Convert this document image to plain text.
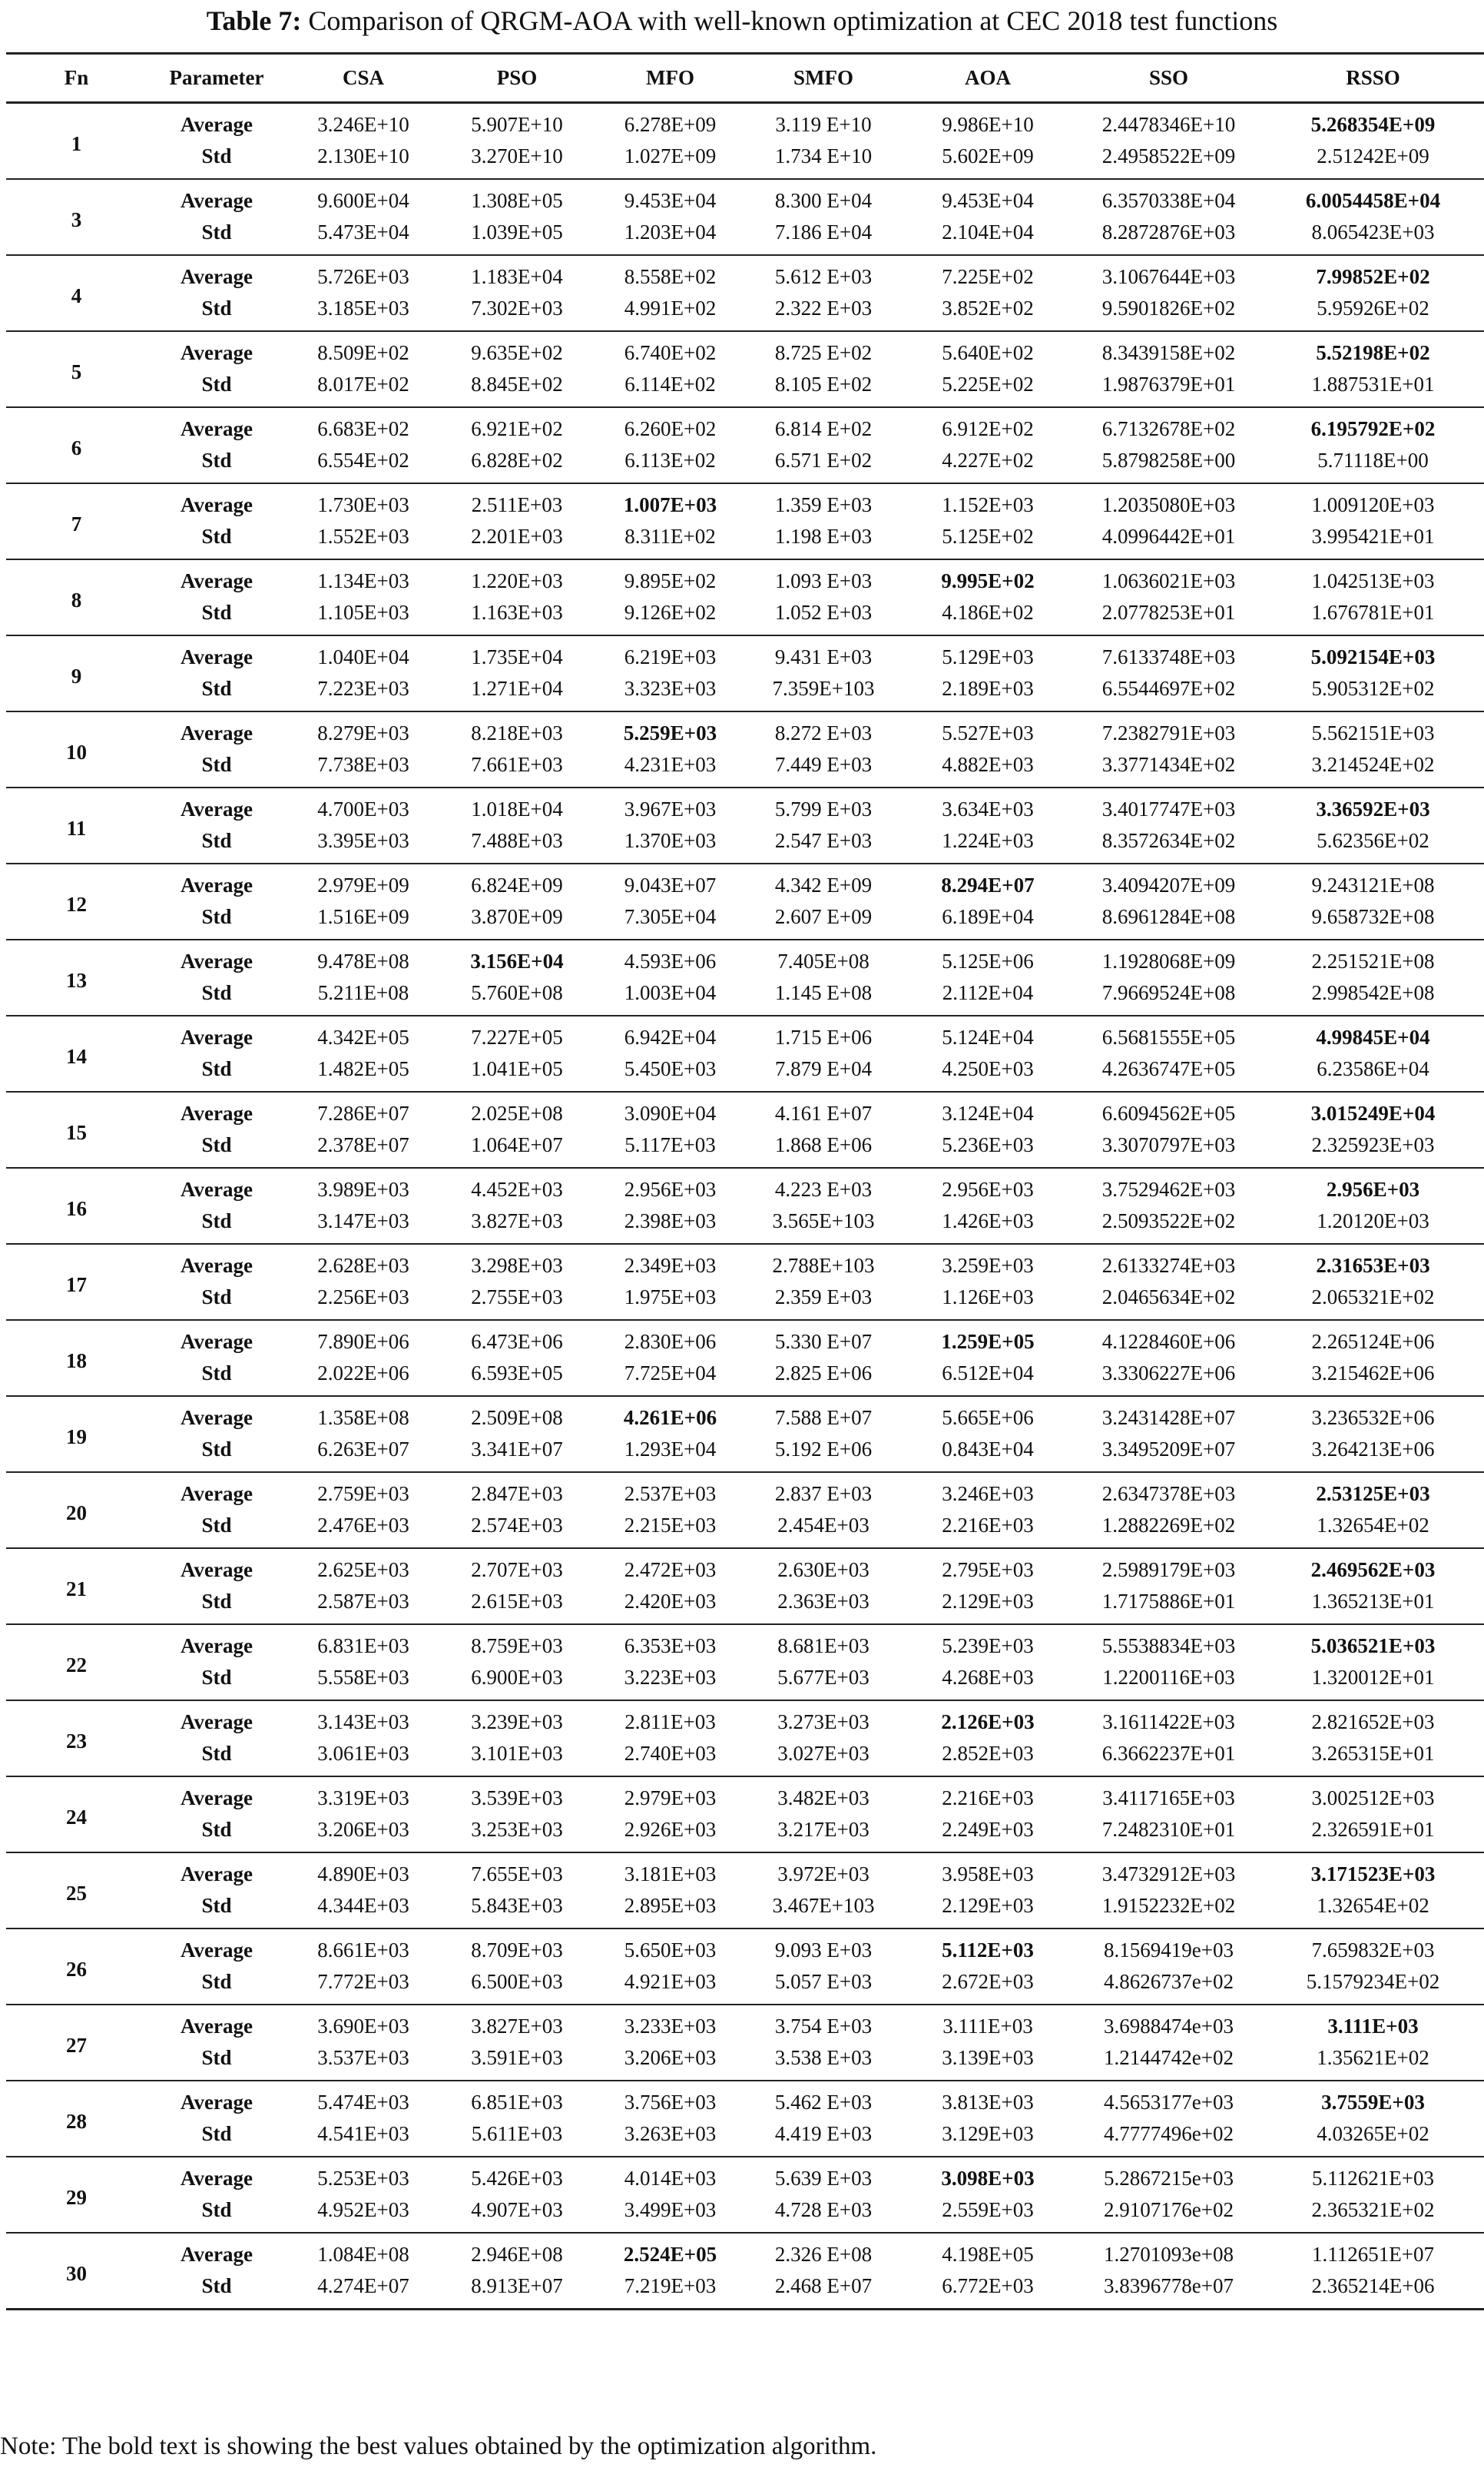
Table 7: Comparison of QRGM-AOA with well-known optimization at CEC 2018 test functions
Fn	Parameter	CSA	PSO	MFO	SMFO	AOA	SSO	RSSO
1	Average	3.246E+10	5.907E+10	6.278E+09	3.119 E+10	9.986E+10	2.4478346E+10	5.268354E+09
	Std	2.130E+10	3.270E+10	1.027E+09	1.734 E+10	5.602E+09	2.4958522E+09	2.51242E+09
3	Average	9.600E+04	1.308E+05	9.453E+04	8.300 E+04	9.453E+04	6.3570338E+04	6.0054458E+04
	Std	5.473E+04	1.039E+05	1.203E+04	7.186 E+04	2.104E+04	8.2872876E+03	8.065423E+03
4	Average	5.726E+03	1.183E+04	8.558E+02	5.612 E+03	7.225E+02	3.1067644E+03	7.99852E+02
	Std	3.185E+03	7.302E+03	4.991E+02	2.322 E+03	3.852E+02	9.5901826E+02	5.95926E+02
5	Average	8.509E+02	9.635E+02	6.740E+02	8.725 E+02	5.640E+02	8.3439158E+02	5.52198E+02
	Std	8.017E+02	8.845E+02	6.114E+02	8.105 E+02	5.225E+02	1.9876379E+01	1.887531E+01
6	Average	6.683E+02	6.921E+02	6.260E+02	6.814 E+02	6.912E+02	6.7132678E+02	6.195792E+02
	Std	6.554E+02	6.828E+02	6.113E+02	6.571 E+02	4.227E+02	5.8798258E+00	5.71118E+00
7	Average	1.730E+03	2.511E+03	1.007E+03	1.359 E+03	1.152E+03	1.2035080E+03	1.009120E+03
	Std	1.552E+03	2.201E+03	8.311E+02	1.198 E+03	5.125E+02	4.0996442E+01	3.995421E+01
8	Average	1.134E+03	1.220E+03	9.895E+02	1.093 E+03	9.995E+02	1.0636021E+03	1.042513E+03
	Std	1.105E+03	1.163E+03	9.126E+02	1.052 E+03	4.186E+02	2.0778253E+01	1.676781E+01
9	Average	1.040E+04	1.735E+04	6.219E+03	9.431 E+03	5.129E+03	7.6133748E+03	5.092154E+03
	Std	7.223E+03	1.271E+04	3.323E+03	7.359E+103	2.189E+03	6.5544697E+02	5.905312E+02
10	Average	8.279E+03	8.218E+03	5.259E+03	8.272 E+03	5.527E+03	7.2382791E+03	5.562151E+03
	Std	7.738E+03	7.661E+03	4.231E+03	7.449 E+03	4.882E+03	3.3771434E+02	3.214524E+02
11	Average	4.700E+03	1.018E+04	3.967E+03	5.799 E+03	3.634E+03	3.4017747E+03	3.36592E+03
	Std	3.395E+03	7.488E+03	1.370E+03	2.547 E+03	1.224E+03	8.3572634E+02	5.62356E+02
12	Average	2.979E+09	6.824E+09	9.043E+07	4.342 E+09	8.294E+07	3.4094207E+09	9.243121E+08
	Std	1.516E+09	3.870E+09	7.305E+04	2.607 E+09	6.189E+04	8.6961284E+08	9.658732E+08
13	Average	9.478E+08	3.156E+04	4.593E+06	7.405E+08	5.125E+06	1.1928068E+09	2.251521E+08
	Std	5.211E+08	5.760E+08	1.003E+04	1.145 E+08	2.112E+04	7.9669524E+08	2.998542E+08
14	Average	4.342E+05	7.227E+05	6.942E+04	1.715 E+06	5.124E+04	6.5681555E+05	4.99845E+04
	Std	1.482E+05	1.041E+05	5.450E+03	7.879 E+04	4.250E+03	4.2636747E+05	6.23586E+04
15	Average	7.286E+07	2.025E+08	3.090E+04	4.161 E+07	3.124E+04	6.6094562E+05	3.015249E+04
	Std	2.378E+07	1.064E+07	5.117E+03	1.868 E+06	5.236E+03	3.3070797E+03	2.325923E+03
16	Average	3.989E+03	4.452E+03	2.956E+03	4.223 E+03	2.956E+03	3.7529462E+03	2.956E+03
	Std	3.147E+03	3.827E+03	2.398E+03	3.565E+103	1.426E+03	2.5093522E+02	1.20120E+03
17	Average	2.628E+03	3.298E+03	2.349E+03	2.788E+103	3.259E+03	2.6133274E+03	2.31653E+03
	Std	2.256E+03	2.755E+03	1.975E+03	2.359 E+03	1.126E+03	2.0465634E+02	2.065321E+02
18	Average	7.890E+06	6.473E+06	2.830E+06	5.330 E+07	1.259E+05	4.1228460E+06	2.265124E+06
	Std	2.022E+06	6.593E+05	7.725E+04	2.825 E+06	6.512E+04	3.3306227E+06	3.215462E+06
19	Average	1.358E+08	2.509E+08	4.261E+06	7.588 E+07	5.665E+06	3.2431428E+07	3.236532E+06
	Std	6.263E+07	3.341E+07	1.293E+04	5.192 E+06	0.843E+04	3.3495209E+07	3.264213E+06
20	Average	2.759E+03	2.847E+03	2.537E+03	2.837 E+03	3.246E+03	2.6347378E+03	2.53125E+03
	Std	2.476E+03	2.574E+03	2.215E+03	2.454E+03	2.216E+03	1.2882269E+02	1.32654E+02
21	Average	2.625E+03	2.707E+03	2.472E+03	2.630E+03	2.795E+03	2.5989179E+03	2.469562E+03
	Std	2.587E+03	2.615E+03	2.420E+03	2.363E+03	2.129E+03	1.7175886E+01	1.365213E+01
22	Average	6.831E+03	8.759E+03	6.353E+03	8.681E+03	5.239E+03	5.5538834E+03	5.036521E+03
	Std	5.558E+03	6.900E+03	3.223E+03	5.677E+03	4.268E+03	1.2200116E+03	1.320012E+01
23	Average	3.143E+03	3.239E+03	2.811E+03	3.273E+03	2.126E+03	3.1611422E+03	2.821652E+03
	Std	3.061E+03	3.101E+03	2.740E+03	3.027E+03	2.852E+03	6.3662237E+01	3.265315E+01
24	Average	3.319E+03	3.539E+03	2.979E+03	3.482E+03	2.216E+03	3.4117165E+03	3.002512E+03
	Std	3.206E+03	3.253E+03	2.926E+03	3.217E+03	2.249E+03	7.2482310E+01	2.326591E+01
25	Average	4.890E+03	7.655E+03	3.181E+03	3.972E+03	3.958E+03	3.4732912E+03	3.171523E+03
	Std	4.344E+03	5.843E+03	2.895E+03	3.467E+103	2.129E+03	1.9152232E+02	1.32654E+02
26	Average	8.661E+03	8.709E+03	5.650E+03	9.093 E+03	5.112E+03	8.1569419e+03	7.659832E+03
	Std	7.772E+03	6.500E+03	4.921E+03	5.057 E+03	2.672E+03	4.8626737e+02	5.1579234E+02
27	Average	3.690E+03	3.827E+03	3.233E+03	3.754 E+03	3.111E+03	3.6988474e+03	3.111E+03
	Std	3.537E+03	3.591E+03	3.206E+03	3.538 E+03	3.139E+03	1.2144742e+02	1.35621E+02
28	Average	5.474E+03	6.851E+03	3.756E+03	5.462 E+03	3.813E+03	4.5653177e+03	3.7559E+03
	Std	4.541E+03	5.611E+03	3.263E+03	4.419 E+03	3.129E+03	4.7777496e+02	4.03265E+02
29	Average	5.253E+03	5.426E+03	4.014E+03	5.639 E+03	3.098E+03	5.2867215e+03	5.112621E+03
	Std	4.952E+03	4.907E+03	3.499E+03	4.728 E+03	2.559E+03	2.9107176e+02	2.365321E+02
30	Average	1.084E+08	2.946E+08	2.524E+05	2.326 E+08	4.198E+05	1.2701093e+08	1.112651E+07
	Std	4.274E+07	8.913E+07	7.219E+03	2.468 E+07	6.772E+03	3.8396778e+07	2.365214E+06
Note: The bold text is showing the best values obtained by the optimization algorithm.
